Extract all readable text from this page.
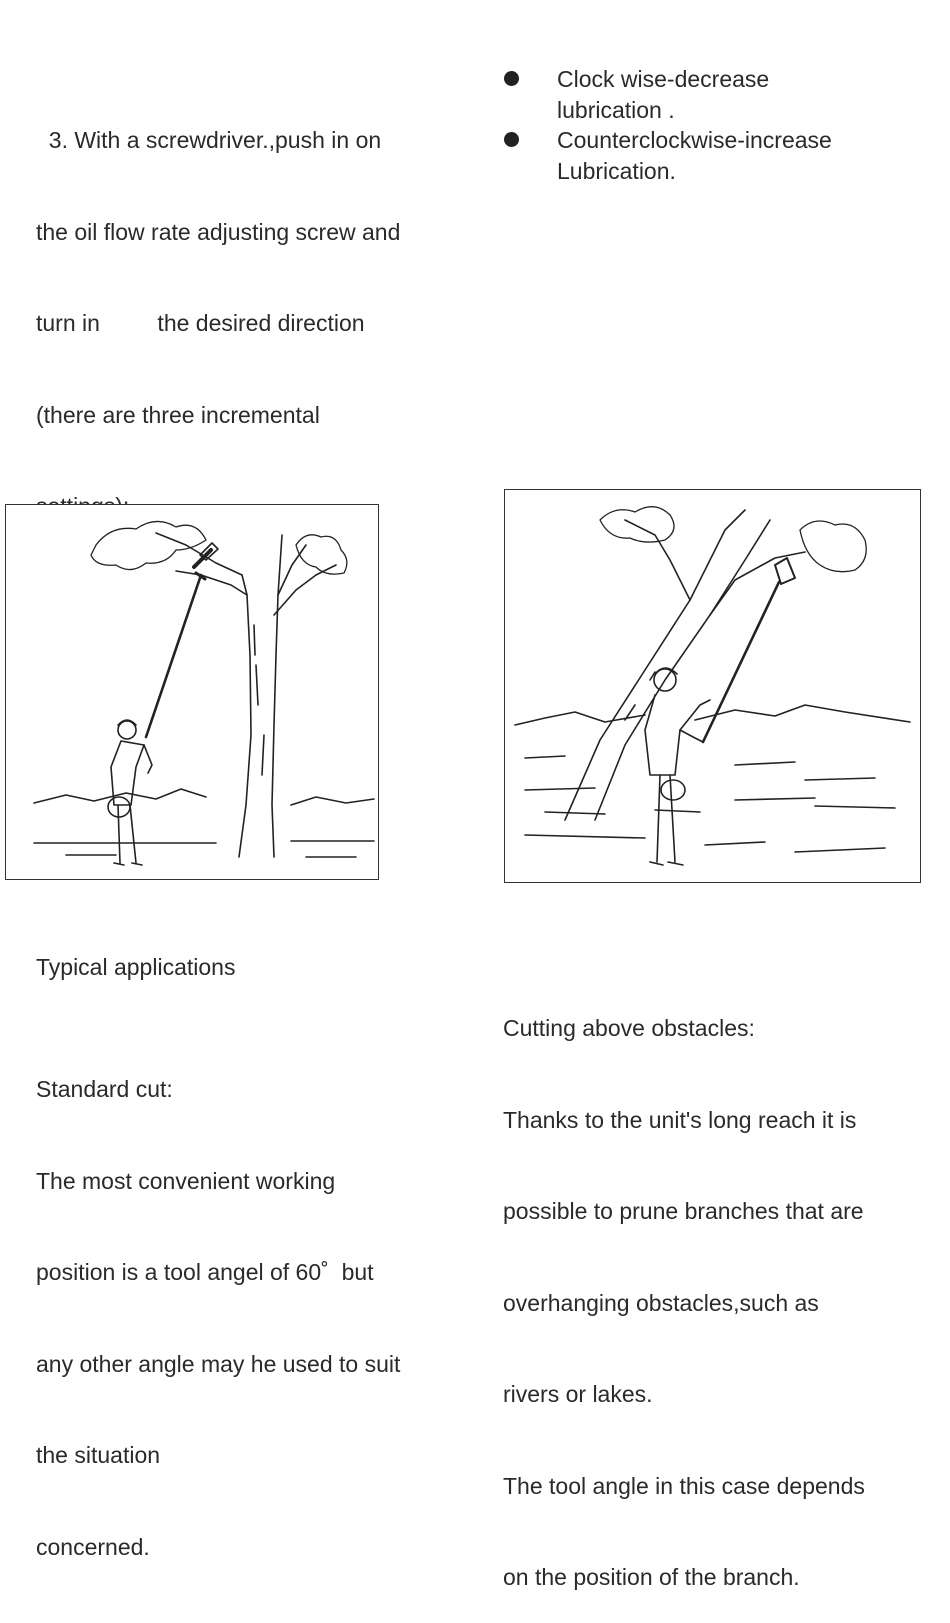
3. With a screwdriver.,push in on

the oil flow rate adjusting screw and

turn in         the desired direction

(there are three incremental

Clock wise-decrease
lubrication .
Counterclockwise-increase
Lubrication.
Typical applications

Standard cut:

The most convenient working

position is a tool angel of 60˚  but

any other angle may he used to suit

the situation

concerned.

Cutting above obstacles:

Thanks to the unit's long reach it is

possible to prune branches that are

overhanging obstacles,such as

rivers or lakes.

The tool angle in this case depends

on the position of the branch.
